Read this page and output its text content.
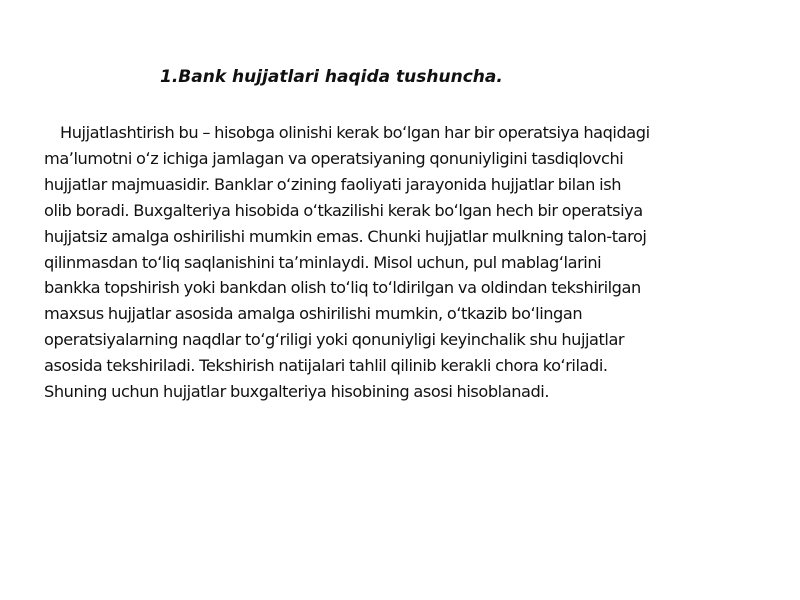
1.Bank hujjatlari haqida tushuncha.
Hujjatlashtirish bu – hisobga olinishi kerak boʻlgan har bir operatsiya haqidagi
maʼlumotni oʻz ichiga jamlagan va operatsiyaning qonuniyligini tasdiqlovchi
hujjatlar majmuasidir. Banklar oʻzining faoliyati jarayonida hujjatlar bilan ish
olib boradi. Buxgalteriya hisobida oʻtkazilishi kerak boʻlgan hech bir operatsiya
hujjatsiz amalga oshirilishi mumkin emas. Chunki hujjatlar mulkning talon-taroj
qilinmasdan toʻliq saqlanishini taʼminlaydi. Misol uchun, pul mablagʻlarini
bankka topshirish yoki bankdan olish toʻliq toʻldirilgan va oldindan tekshirilgan
maxsus hujjatlar asosida amalga oshirilishi mumkin, oʻtkazib boʻlingan
operatsiyalarning naqdlar toʻgʻriligi yoki qonuniyligi keyinchalik shu hujjatlar
asosida tekshiriladi. Tekshirish natijalari tahlil qilinib kerakli chora koʻriladi.
Shuning uchun hujjatlar buxgalteriya hisobining asosi hisoblanadi.
